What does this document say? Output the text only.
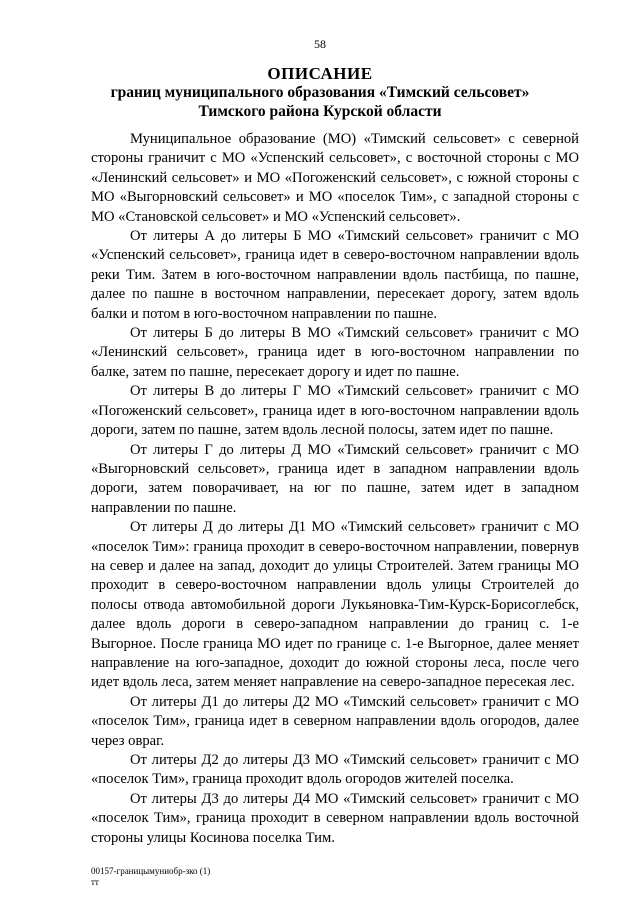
58
ОПИСАНИЕ
границ муниципального образования «Тимский сельсовет»
Тимского района Курской области

Муниципальное образование (МО) «Тимский сельсовет» с северной стороны граничит с МО «Успенский сельсовет», с восточной стороны с МО «Ленинский сельсовет» и МО «Погоженский сельсовет», с южной стороны с МО «Выгорновский сельсовет» и МО «поселок Тим», с западной стороны с МО «Становской сельсовет» и МО «Успенский сельсовет».

От литеры А до литеры Б МО «Тимский сельсовет» граничит с МО «Успенский сельсовет», граница идет в северо-восточном направлении вдоль реки Тим. Затем в юго-восточном направлении вдоль пастбища, по пашне, далее по пашне в восточном направлении, пересекает дорогу, затем вдоль балки и потом в юго-восточном направлении по пашне.

От литеры Б до литеры В МО «Тимский сельсовет» граничит с МО «Ленинский сельсовет», граница идет в юго-восточном направлении по балке, затем по пашне, пересекает дорогу и идет по пашне.

От литеры В до литеры Г МО «Тимский сельсовет» граничит с МО «Погоженский сельсовет», граница идет в юго-восточном направлении вдоль дороги, затем по пашне, затем вдоль лесной полосы, затем идет по пашне.

От литеры Г до литеры Д МО «Тимский сельсовет» граничит с МО «Выгорновский сельсовет», граница идет в западном направлении вдоль дороги, затем поворачивает, на юг по пашне, затем идет в западном направлении по пашне.

От литеры Д до литеры Д1 МО «Тимский сельсовет» граничит с МО «поселок Тим»: граница проходит в северо-восточном направлении, повернув на север и далее на запад, доходит до улицы Строителей. Затем границы МО проходит в северо-восточном направлении вдоль улицы Строителей до полосы отвода автомобильной дороги Лукьяновка-Тим-Курск-Борисоглебск, далее вдоль дороги в северо-западном направлении до границ с. 1-е Выгорное. После граница МО идет по границе с. 1-е Выгорное, далее меняет направление на юго-западное, доходит до южной стороны леса, после чего идет вдоль леса, затем меняет направление на северо-западное пересекая лес.

От литеры Д1 до литеры Д2 МО «Тимский сельсовет» граничит с МО «поселок Тим», граница идет в северном направлении вдоль огородов, далее через овраг.

От литеры Д2 до литеры Д3 МО «Тимский сельсовет» граничит с МО «поселок Тим», граница проходит вдоль огородов жителей поселка.

От литеры Д3 до литеры Д4 МО «Тимский сельсовет» граничит с МО «поселок Тим», граница проходит в северном направлении вдоль восточной стороны улицы Косинова поселка Тим.

00157-границымуниобр-зко (1)
тт
